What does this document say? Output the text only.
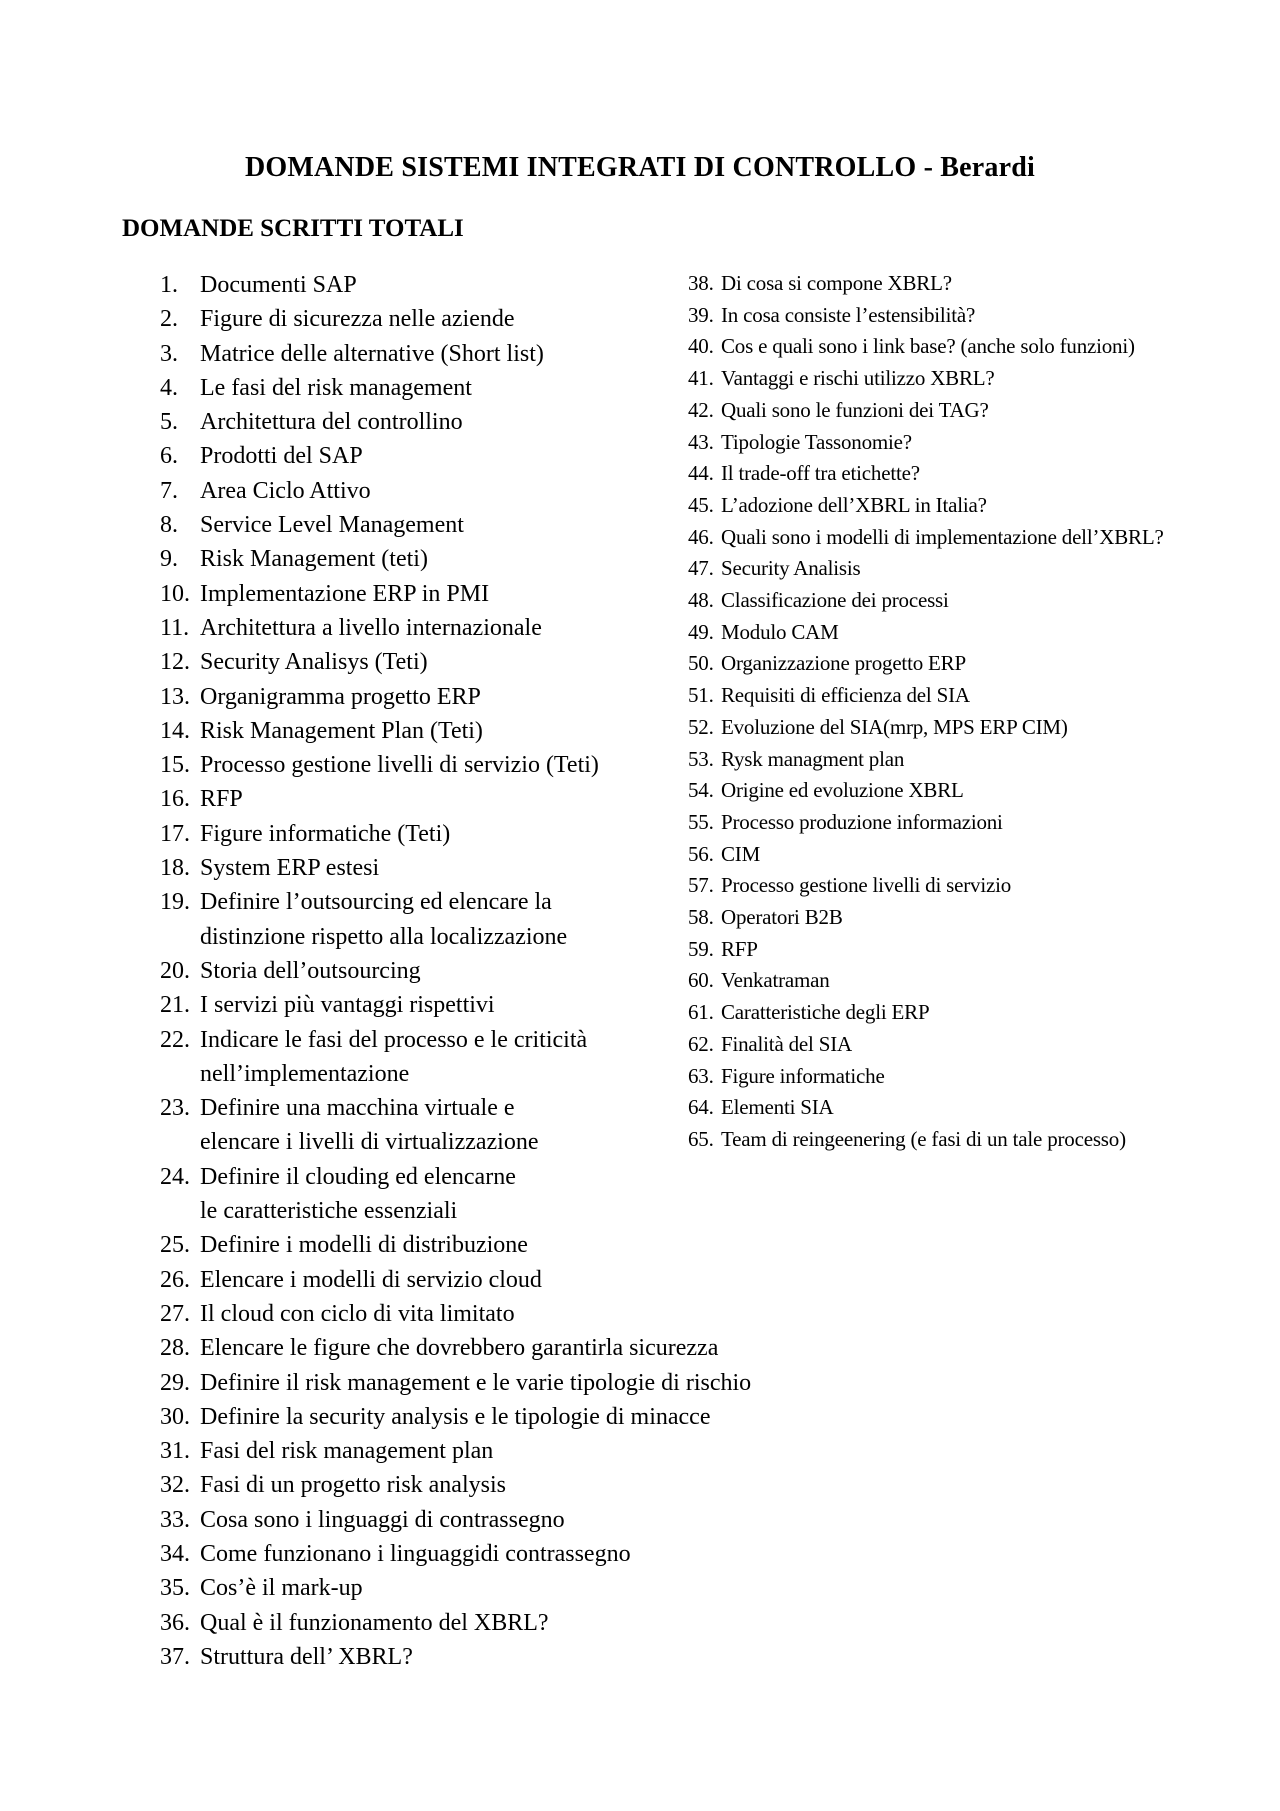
DOMANDE SISTEMI INTEGRATI DI CONTROLLO - Berardi
DOMANDE SCRITTI TOTALI
1. Documenti SAP
2. Figure di sicurezza nelle aziende
3. Matrice delle alternative (Short list)
4. Le fasi del risk management
5. Architettura del controllino
6. Prodotti del SAP
7. Area Ciclo Attivo
8. Service Level Management
9. Risk Management (teti)
10. Implementazione ERP in PMI
11. Architettura a livello internazionale
12. Security Analisys (Teti)
13. Organigramma progetto ERP
14. Risk Management Plan (Teti)
15. Processo gestione livelli di servizio (Teti)
16. RFP
17. Figure informatiche (Teti)
18. System ERP estesi
19. Definire l’outsourcing ed elencare la
distinzione rispetto alla localizzazione
20. Storia dell’outsourcing
21. I servizi più vantaggi rispettivi
22. Indicare le fasi del processo e le criticità
nell’implementazione
23. Definire una macchina virtuale e
elencare i livelli di virtualizzazione
24. Definire il clouding ed elencarne
le caratteristiche essenziali
25. Definire i modelli di distribuzione
26. Elencare i modelli di servizio cloud
27. Il cloud con ciclo di vita limitato
28. Elencare le figure che dovrebbero garantirla sicurezza
29. Definire il risk management e le varie tipologie di rischio
30. Definire la security analysis e le tipologie di minacce
31. Fasi del risk management plan
32. Fasi di un progetto risk analysis
33. Cosa sono i linguaggi di contrassegno
34. Come funzionano i linguaggidi contrassegno
35. Cos’è il mark-up
36. Qual è il funzionamento del XBRL?
37. Struttura dell’ XBRL?
38. Di cosa si compone XBRL?
39. In cosa consiste l’estensibilità?
40. Cos e quali sono i link base? (anche solo funzioni)
41. Vantaggi e rischi utilizzo XBRL?
42. Quali sono le funzioni dei TAG?
43. Tipologie Tassonomie?
44. Il trade-off tra etichette?
45. L’adozione dell’XBRL in Italia?
46. Quali sono i modelli di implementazione dell’XBRL?
47. Security Analisis
48. Classificazione dei processi
49. Modulo CAM
50. Organizzazione progetto ERP
51. Requisiti di efficienza del SIA
52. Evoluzione del SIA(mrp, MPS ERP CIM)
53. Rysk managment plan
54. Origine ed evoluzione XBRL
55. Processo produzione informazioni
56. CIM
57. Processo gestione livelli di servizio
58. Operatori B2B
59. RFP
60. Venkatraman
61. Caratteristiche degli ERP
62. Finalità del SIA
63. Figure informatiche
64. Elementi SIA
65. Team di reingeenering (e fasi di un tale processo)
